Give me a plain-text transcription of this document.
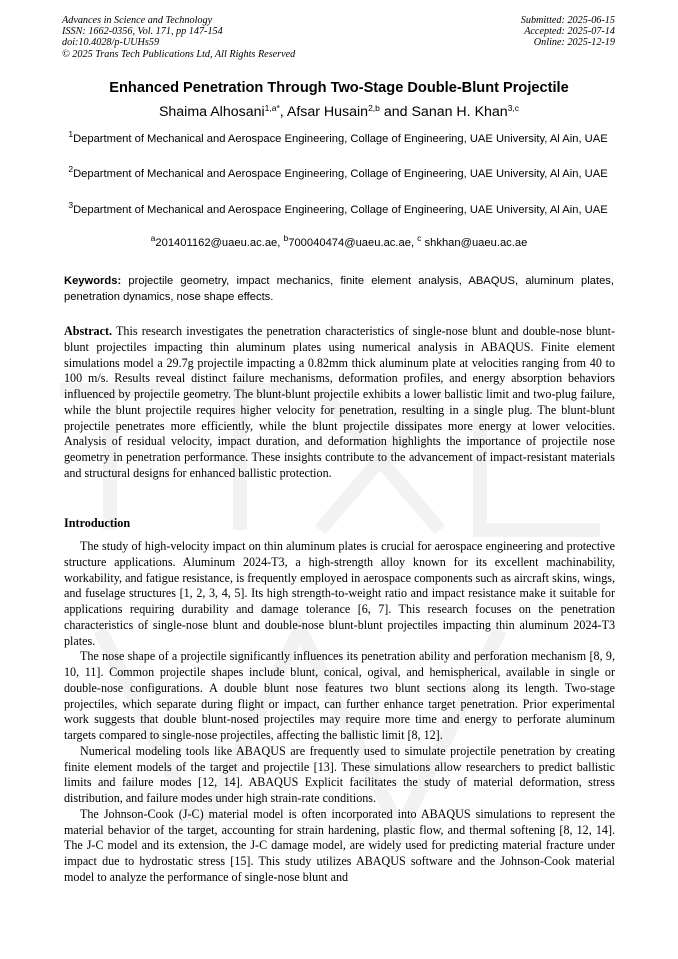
Advances in Science and Technology
ISSN: 1662-0356, Vol. 171, pp 147-154
doi:10.4028/p-UUHs59
© 2025 Trans Tech Publications Ltd, All Rights Reserved
Submitted: 2025-06-15
Accepted: 2025-07-14
Online: 2025-12-19
Enhanced Penetration Through Two-Stage Double-Blunt Projectile
Shaima Alhosani$^{1,a*}$, Afsar Husain$^{2,b}$ and Sanan H. Khan$^{3,c}$
$^1$Department of Mechanical and Aerospace Engineering, Collage of Engineering, UAE University, Al Ain, UAE
$^2$Department of Mechanical and Aerospace Engineering, Collage of Engineering, UAE University, Al Ain, UAE
$^3$Department of Mechanical and Aerospace Engineering, Collage of Engineering, UAE University, Al Ain, UAE
$^a$201401162@uaeu.ac.ae, $^b$700040474@uaeu.ac.ae, $^c$ shkhan@uaeu.ac.ae
Keywords: projectile geometry, impact mechanics, finite element analysis, ABAQUS, aluminum plates, penetration dynamics, nose shape effects.
Abstract. This research investigates the penetration characteristics of single-nose blunt and double-nose blunt-blunt projectiles impacting thin aluminum plates using numerical analysis in ABAQUS. Finite element simulations model a 29.7g projectile impacting a 0.82mm thick aluminum plate at velocities ranging from 40 to 100 m/s. Results reveal distinct failure mechanisms, deformation profiles, and energy absorption behaviors influenced by projectile geometry. The blunt-blunt projectile exhibits a lower ballistic limit and two-plug failure, while the blunt projectile requires higher velocity for penetration, resulting in a single plug. The blunt-blunt projectile penetrates more efficiently, while the blunt projectile dissipates more energy at lower velocities. Analysis of residual velocity, impact duration, and deformation highlights the importance of projectile nose geometry in penetration performance. These insights contribute to the advancement of impact-resistant materials and structural designs for enhanced ballistic protection.
Introduction

The study of high-velocity impact on thin aluminum plates is crucial for aerospace engineering and protective structure applications. Aluminum 2024-T3, a high-strength alloy known for its excellent machinability, workability, and fatigue resistance, is frequently employed in aerospace components such as aircraft skins, wings, and fuselage structures [1, 2, 3, 4, 5]. Its high strength-to-weight ratio and impact resistance make it suitable for applications requiring durability and damage tolerance [6, 7]. This research focuses on the penetration characteristics of single-nose blunt and double-nose blunt-blunt projectiles impacting thin aluminum 2024-T3 plates.

The nose shape of a projectile significantly influences its penetration ability and perforation mechanism [8, 9, 10, 11]. Common projectile shapes include blunt, conical, ogival, and hemispherical, available in single or double-nose configurations. A double blunt nose features two blunt sections along its length. Two-stage projectiles, which separate during flight or impact, can further enhance target penetration. Prior experimental work suggests that double blunt-nosed projectiles may require more time and energy to perforate aluminum targets compared to single-nose projectiles, affecting the ballistic limit [8, 12].

Numerical modeling tools like ABAQUS are frequently used to simulate projectile penetration by creating finite element models of the target and projectile [13]. These simulations allow researchers to predict ballistic limits and failure modes [12, 14]. ABAQUS Explicit facilitates the study of material deformation, stress distribution, and failure modes under high strain-rate conditions.

The Johnson-Cook (J-C) material model is often incorporated into ABAQUS simulations to represent the material behavior of the target, accounting for strain hardening, plastic flow, and thermal softening [8, 12, 14]. The J-C model and its extension, the J-C damage model, are widely used for predicting material fracture under impact due to hydrostatic stress [15]. This study utilizes ABAQUS software and the Johnson-Cook material model to analyze the performance of single-nose blunt and
